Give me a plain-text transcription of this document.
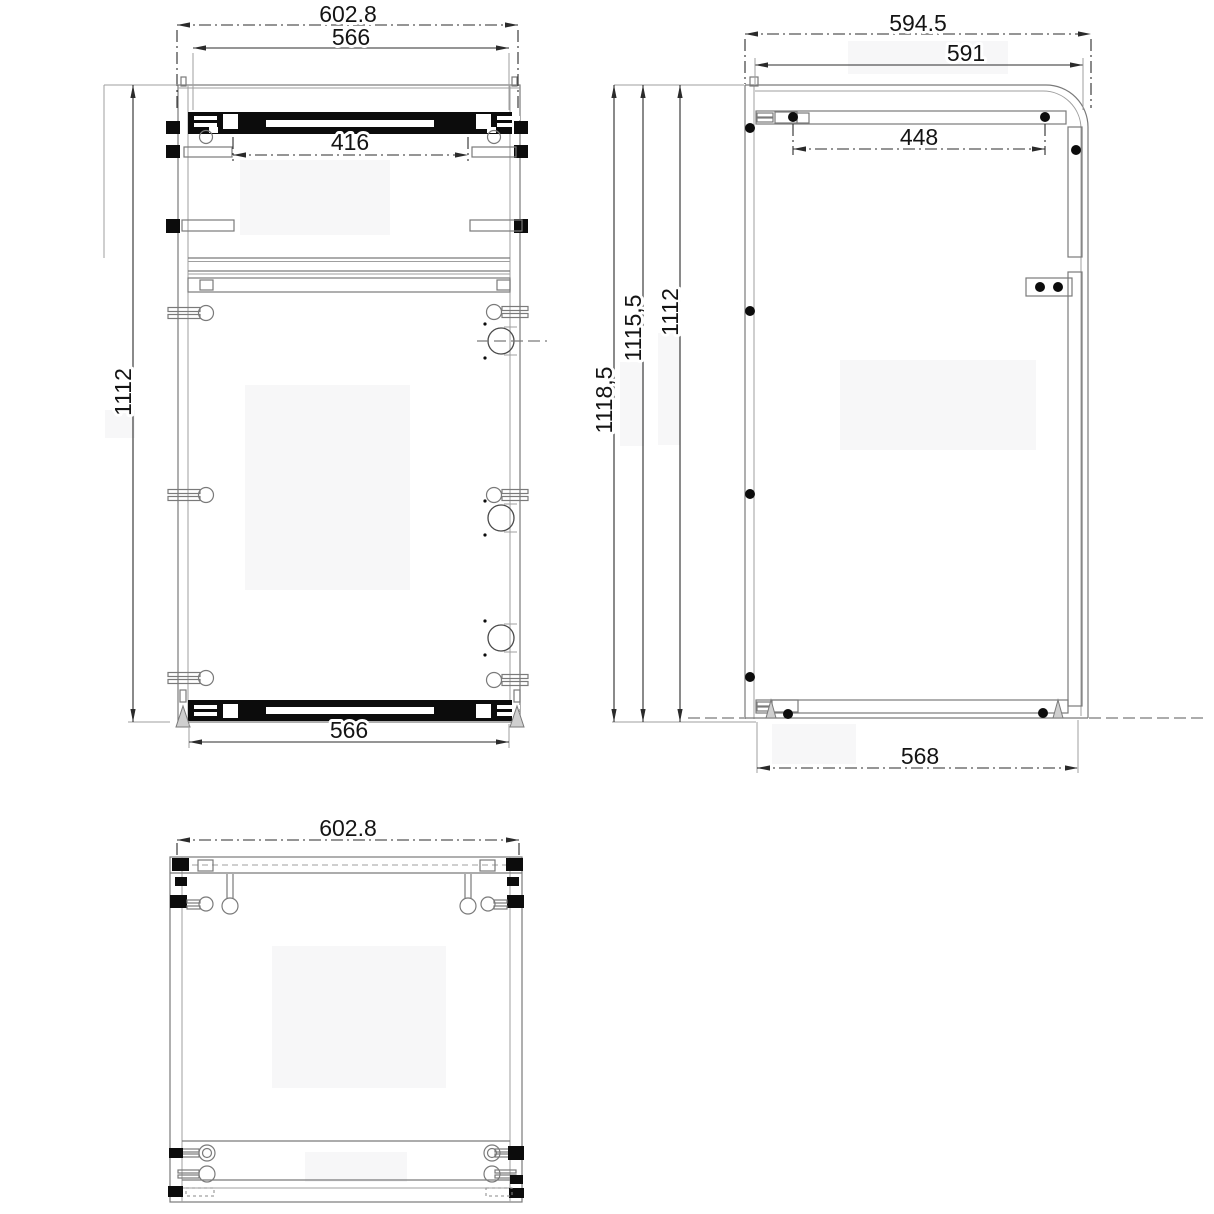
602.8
566
416
1112
566
594.5
591
448
1118,5
1115,5 1112
568
602.8
